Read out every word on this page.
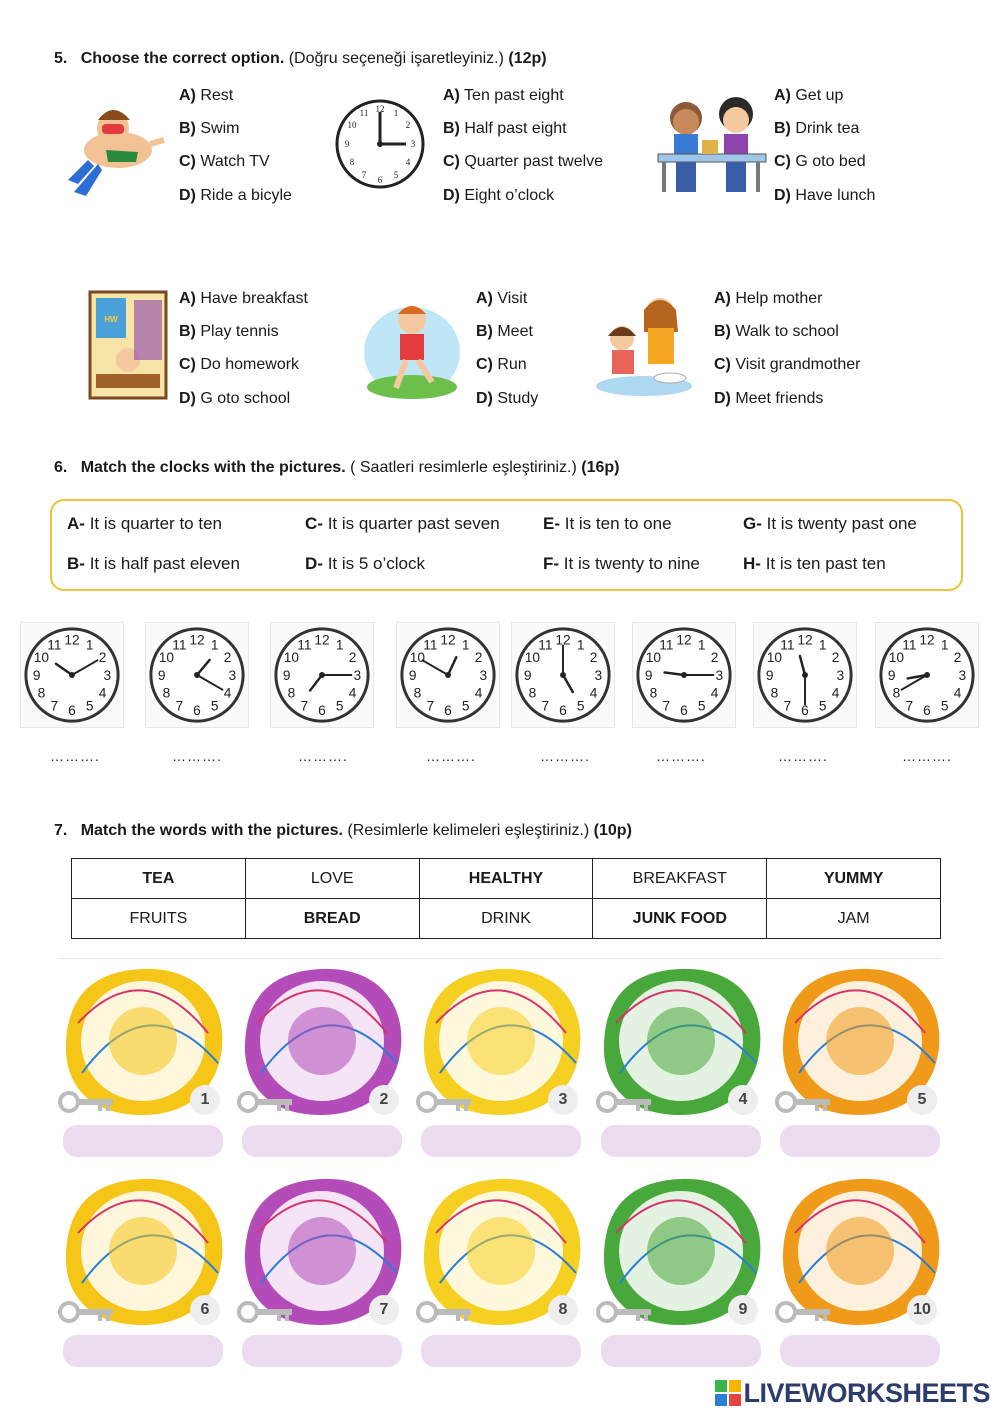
5. Choose the correct option. (Doğru seçeneği işaretleyiniz.) (12p)
12 1
2
3
4
5
6
7
8
9
10
11
HW
A) Rest
B) Swim
C) Watch TV
D) Ride a bicyle
A) Ten past eight
B) Half past eight
C) Quarter past twelve
D) Eight o’clock
A) Get up
B) Drink tea
C) G oto bed
D) Have lunch
A) Have breakfast
B) Play tennis
C) Do homework
D) G oto school
A) Visit
B) Meet
C) Run
D) Study
A) Help mother
B) Walk to school
C) Visit grandmother
D) Meet friends
6. Match the clocks with the pictures. ( Saatleri resimlerle eşleştiriniz.) (16p)
A- It is quarter to ten
B- It is half past eleven
C- It is quarter past seven
D- It is 5 o’clock
E- It is ten to one
F- It is twenty to nine
G- It is twenty past one
H- It is ten past ten
1
2
3
4
5
6
7
8
9
10
11 12
……….
1
2
3
4
5
6
7
8
9
10
11 12
……….
1
2
3
4
5
6
7
8
9
10
11 12
……….
1
2
3
4
5
6
7
8
9
10
11 12
……….
1
2
3
4
5
6
7
8
9
10
11 12
……….
1
2
3
4
5
6
7
8
9
10
11 12
……….
1
2
3
4
5
6
7
8
9
10
11 12
……….
1
2
3
4
5
6
7
8
9
10
11 12
……….
7. Match the words with the pictures. (Resimlerle kelimeleri eşleştiriniz.) (10p)
TEA	LOVE	HEALTHY	BREAKFAST	YUMMY
FRUITS	BREAD	DRINK	JUNK FOOD	JAM
1	2	3	4	5
6	7	8	9	10
LIVEWORKSHEETS
